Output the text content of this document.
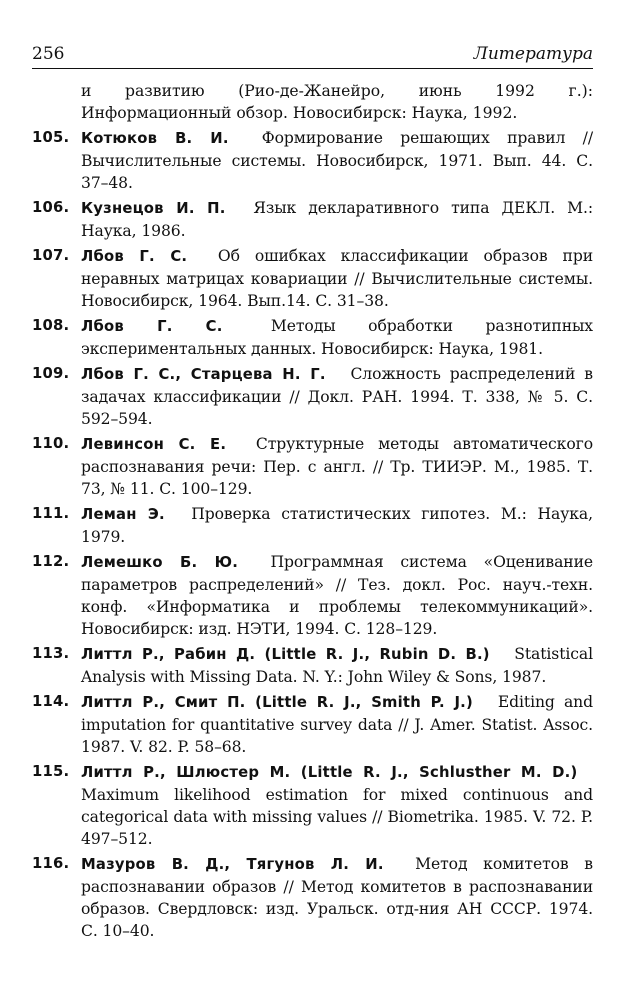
256	Литература
и развитию (Рио-де-Жанейро, июнь 1992 г.): Информационный обзор. Новосибирск: Наука, 1992.
105. Котюков В. И.  Формирование решающих правил // Вычислительные системы. Новосибирск, 1971. Вып. 44. С. 37–48.
106. Кузнецов И. П.  Язык декларативного типа ДЕКЛ. М.: Наука, 1986.
107. Лбов Г. С.  Об ошибках классификации образов при неравных матрицах ковариации // Вычислительные системы. Новосибирск, 1964. Вып.14. С. 31–38.
108. Лбов Г. С. 	Методы обработки разнотипных экспериментальных данных. Новосибирск: Наука, 1981.
109. Лбов Г. С., Старцева Н. Г.  Сложность распределений в задачах классификации // Докл. РАН. 1994. Т. 338, № 5. С. 592–594.
110. Левинсон С. Е.  Структурные методы автоматического распознавания речи: Пер. с англ. // Тр. ТИИЭР. М., 1985. Т. 73, № 11. С. 100–129.
111. Леман Э.  Проверка статистических гипотез. М.: Наука, 1979.
112. Лемешко Б. Ю.  Программная система «Оценивание параметров распределений» // Тез. докл. Рос. науч.-техн. конф. «Информатика и проблемы телекоммуникаций». Новосибирск: изд. НЭТИ, 1994. С. 128–129.
113. Литтл Р., Рабин Д. (Little R. J., Rubin D. B.)  Statistical Analysis with Missing Data. N. Y.: John Wiley & Sons, 1987.
114. Литтл Р., Смит П. (Little R. J., Smith P. J.)  Editing and imputation for quantitative survey data // J. Amer. Statist. Assoc. 1987. V. 82. P. 58–68.
115. Литтл Р., Шлюстер М. (Little R. J., Schlusther M. D.)  Maximum likelihood estimation for mixed continuous and categorical data with missing values // Biometrika. 1985. V. 72. P. 497–512.
116. Мазуров В. Д., Тягунов Л. И.  Метод комитетов в распознавании образов // Метод комитетов в распознавании образов. Свердловск: изд. Уральск. отд-ния АН СССР. 1974. С. 10–40.
